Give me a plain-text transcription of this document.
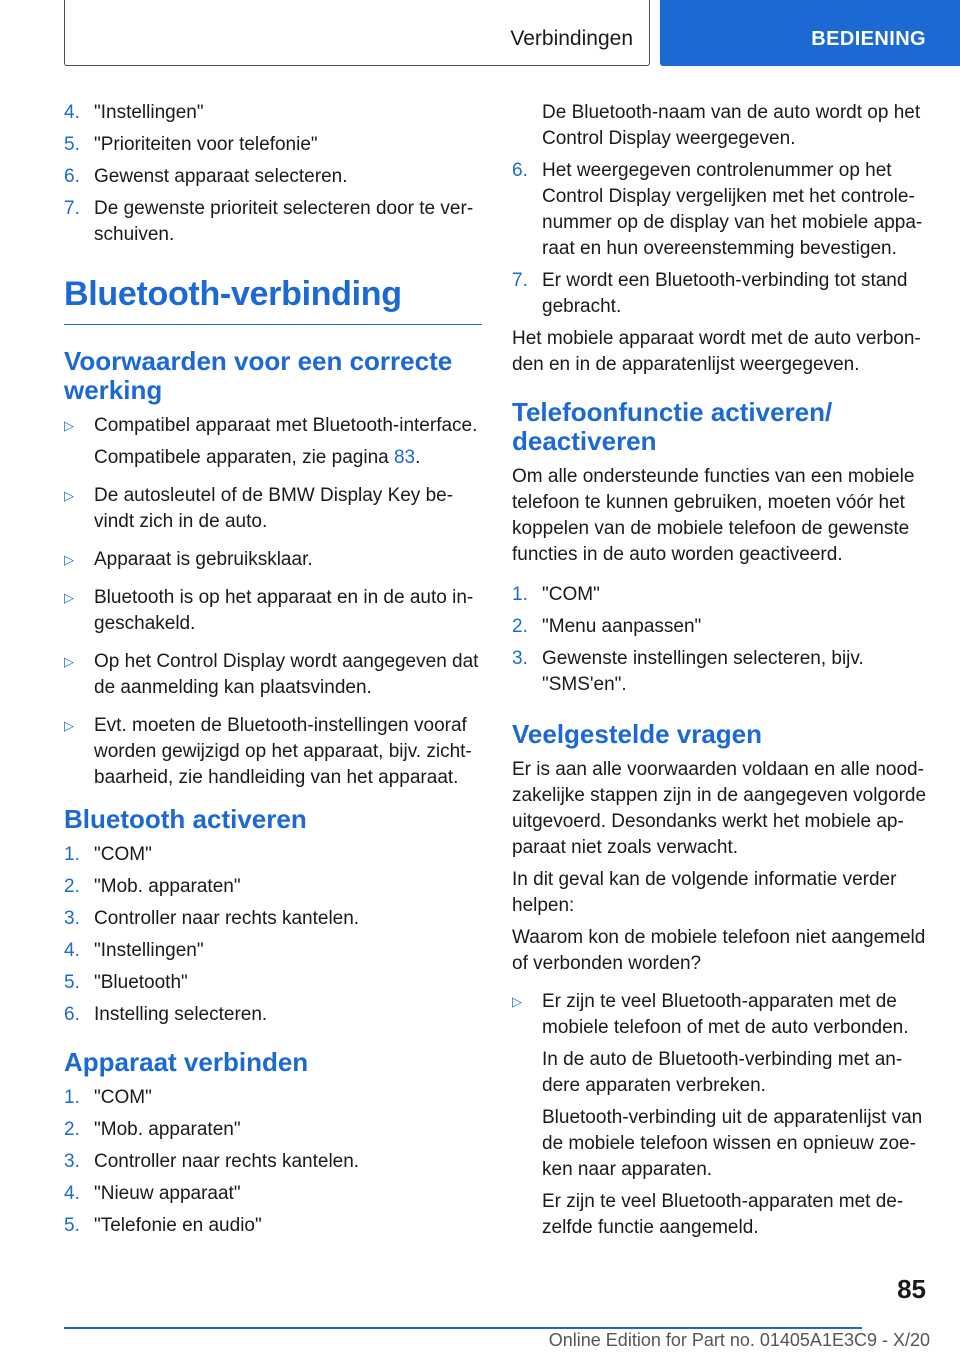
Verbindingen	BEDIENING
4. "Instellingen"
5. "Prioriteiten voor telefonie"
6. Gewenst apparaat selecteren.
7. De gewenste prioriteit selecteren door te verschuiven.
Bluetooth-verbinding
Voorwaarden voor een correcte werking
▷	Compatibel apparaat met Bluetooth-interface.

Compatibele apparaten, zie pagina 83.

▷	De autosleutel of de BMW Display Key bevindt zich in de auto.

▷	Apparaat is gebruiksklaar.

▷	Bluetooth is op het apparaat en in de auto ingeschakeld.

▷	Op het Control Display wordt aangegeven dat de aanmelding kan plaatsvinden.

▷	Evt. moeten de Bluetooth-instellingen vooraf worden gewijzigd op het apparaat, bijv. zichtbaarheid, zie handleiding van het apparaat.

Bluetooth activeren
1. "COM"
2. "Mob. apparaten"
3. Controller naar rechts kantelen.
4. "Instellingen"
5. "Bluetooth"
6. Instelling selecteren.
Apparaat verbinden
1. "COM"
2. "Mob. apparaten"
3. Controller naar rechts kantelen.
4. "Nieuw apparaat"
5. "Telefonie en audio"
De Bluetooth-naam van de auto wordt op het Control Display weergegeven.
6. Het weergegeven controlenummer op het Control Display vergelijken met het controlenummer op de display van het mobiele apparaat en hun overeenstemming bevestigen.
7. Er wordt een Bluetooth-verbinding tot stand gebracht.
Het mobiele apparaat wordt met de auto verbonden en in de apparatenlijst weergegeven.
Telefoonfunctie activeren/ deactiveren
Om alle ondersteunde functies van een mobiele telefoon te kunnen gebruiken, moeten vóór het koppelen van de mobiele telefoon de gewenste functies in de auto worden geactiveerd.
1. "COM"
2. "Menu aanpassen"
3. Gewenste instellingen selecteren, bijv. "SMS'en".
Veelgestelde vragen
Er is aan alle voorwaarden voldaan en alle noodzakelijke stappen zijn in de aangegeven volgorde uitgevoerd. Desondanks werkt het mobiele apparaat niet zoals verwacht.
In dit geval kan de volgende informatie verder helpen:
Waarom kon de mobiele telefoon niet aangemeld of verbonden worden?
▷	Er zijn te veel Bluetooth-apparaten met de mobiele telefoon of met de auto verbonden.

In de auto de Bluetooth-verbinding met andere apparaten verbreken.

Bluetooth-verbinding uit de apparatenlijst van de mobiele telefoon wissen en opnieuw zoeken naar apparaten.

Er zijn te veel Bluetooth-apparaten met dezelfde functie aangemeld.

85
Online Edition for Part no. 01405A1E3C9 - X/20
